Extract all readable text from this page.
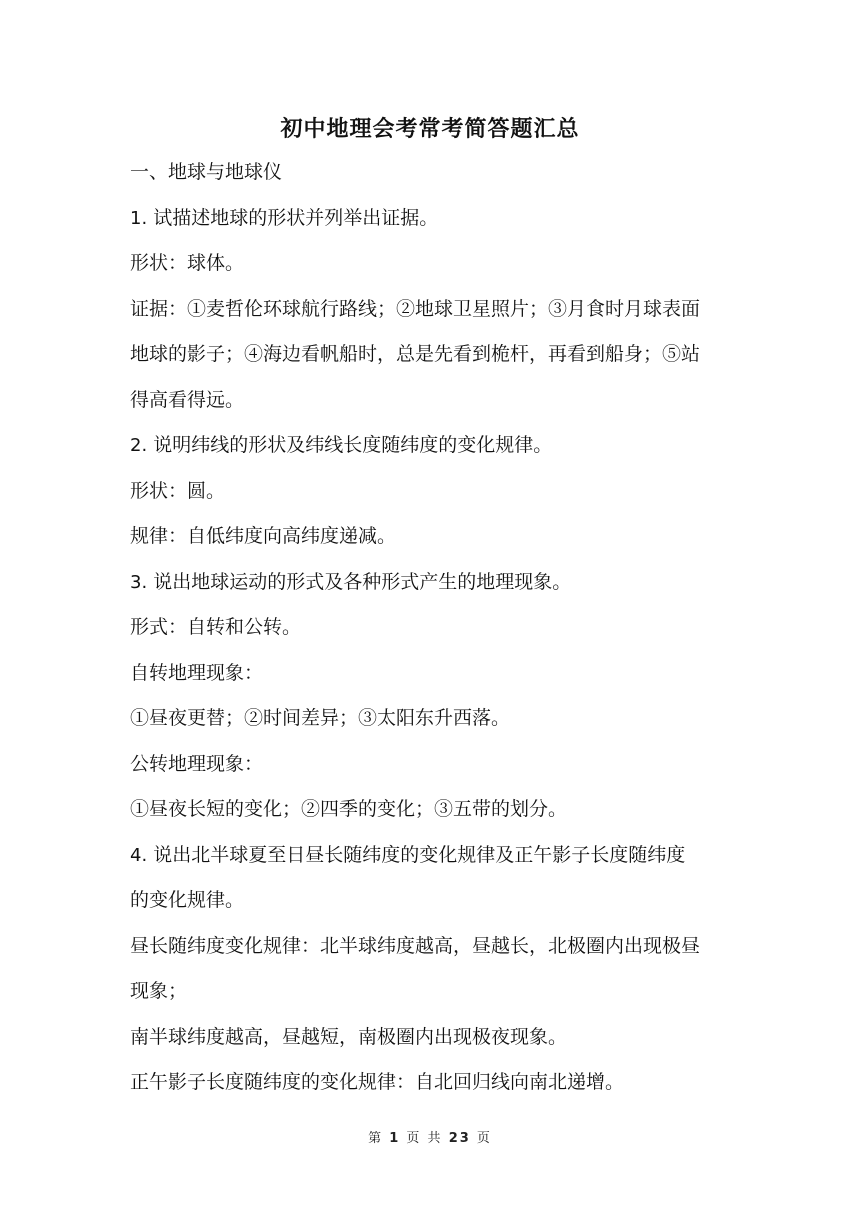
初中地理会考常考简答题汇总

一、地球与地球仪

1. 试描述地球的形状并列举出证据。

形状：球体。

证据：①麦哲伦环球航行路线；②地球卫星照片；③月食时月球表面

地球的影子；④海边看帆船时，总是先看到桅杆，再看到船身；⑤站

得高看得远。

2. 说明纬线的形状及纬线长度随纬度的变化规律。

形状：圆。

规律：自低纬度向高纬度递减。

3. 说出地球运动的形式及各种形式产生的地理现象。

形式：自转和公转。

自转地理现象：

①昼夜更替；②时间差异；③太阳东升西落。

公转地理现象：

①昼夜长短的变化；②四季的变化；③五带的划分。

4. 说出北半球夏至日昼长随纬度的变化规律及正午影子长度随纬度

的变化规律。

昼长随纬度变化规律：北半球纬度越高，昼越长，北极圈内出现极昼

现象；

南半球纬度越高，昼越短，南极圈内出现极夜现象。

正午影子长度随纬度的变化规律：自北回归线向南北递增。

第 1 页 共 23 页
